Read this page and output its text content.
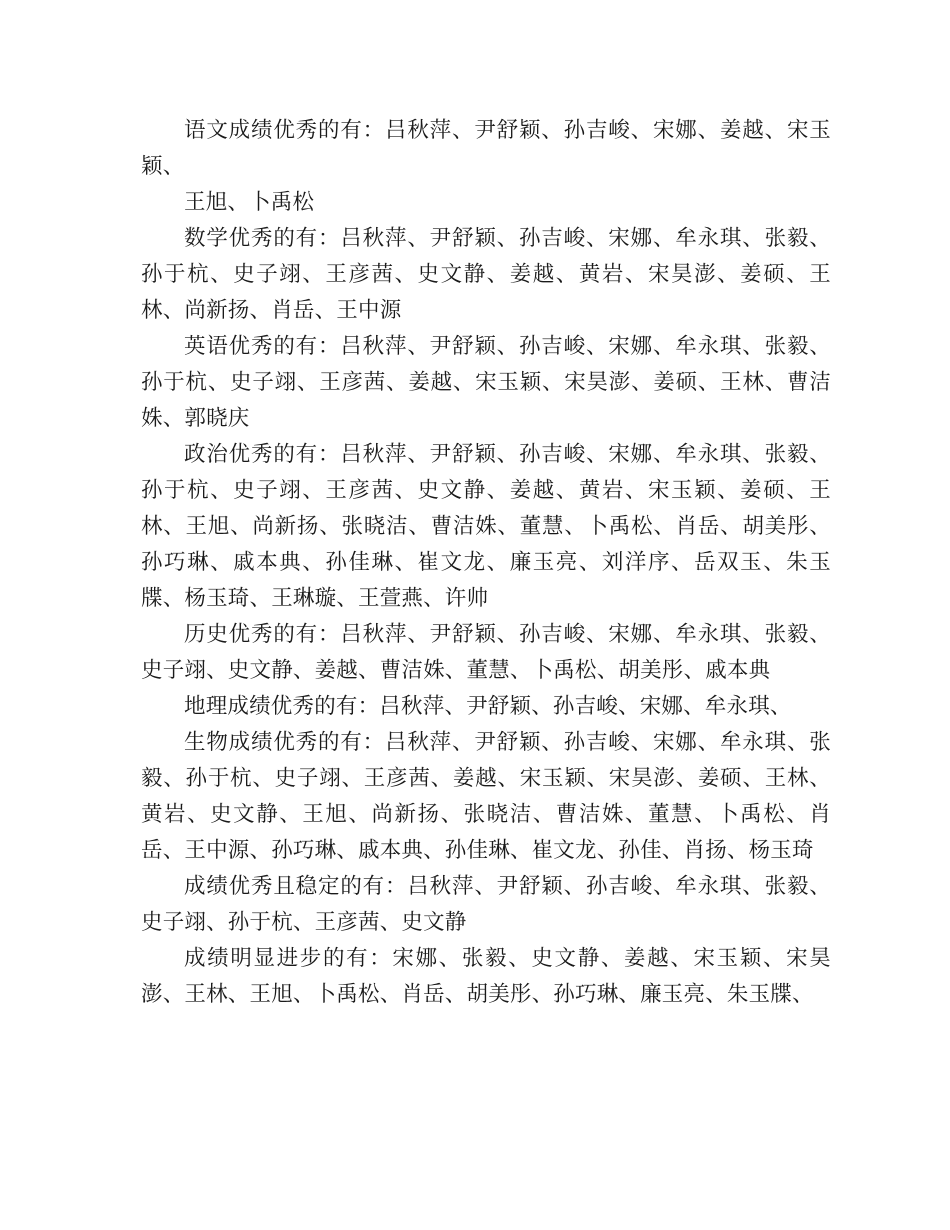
语文成绩优秀的有：吕秋萍、尹舒颖、孙吉峻、宋娜、姜越、宋玉颖、

王旭、卜禹松

数学优秀的有：吕秋萍、尹舒颖、孙吉峻、宋娜、牟永琪、张毅、孙于杭、史子翊、王彦茜、史文静、姜越、黄岩、宋昊澎、姜硕、王林、尚新扬、肖岳、王中源

英语优秀的有：吕秋萍、尹舒颖、孙吉峻、宋娜、牟永琪、张毅、孙于杭、史子翊、王彦茜、姜越、宋玉颖、宋昊澎、姜硕、王林、曹洁姝、郭晓庆

政治优秀的有：吕秋萍、尹舒颖、孙吉峻、宋娜、牟永琪、张毅、孙于杭、史子翊、王彦茜、史文静、姜越、黄岩、宋玉颖、姜硕、王林、王旭、尚新扬、张晓洁、曹洁姝、董慧、卜禹松、肖岳、胡美彤、孙巧琳、戚本典、孙佳琳、崔文龙、廉玉亮、刘洋序、岳双玉、朱玉牒、杨玉琦、王琳璇、王萱燕、许帅

历史优秀的有：吕秋萍、尹舒颖、孙吉峻、宋娜、牟永琪、张毅、史子翊、史文静、姜越、曹洁姝、董慧、卜禹松、胡美彤、戚本典

地理成绩优秀的有：吕秋萍、尹舒颖、孙吉峻、宋娜、牟永琪、

生物成绩优秀的有：吕秋萍、尹舒颖、孙吉峻、宋娜、牟永琪、张毅、孙于杭、史子翊、王彦茜、姜越、宋玉颖、宋昊澎、姜硕、王林、黄岩、史文静、王旭、尚新扬、张晓洁、曹洁姝、董慧、卜禹松、肖岳、王中源、孙巧琳、戚本典、孙佳琳、崔文龙、孙佳、肖扬、杨玉琦

成绩优秀且稳定的有：吕秋萍、尹舒颖、孙吉峻、牟永琪、张毅、史子翊、孙于杭、王彦茜、史文静

成绩明显进步的有：宋娜、张毅、史文静、姜越、宋玉颖、宋昊澎、王林、王旭、卜禹松、肖岳、胡美彤、孙巧琳、廉玉亮、朱玉牒、
